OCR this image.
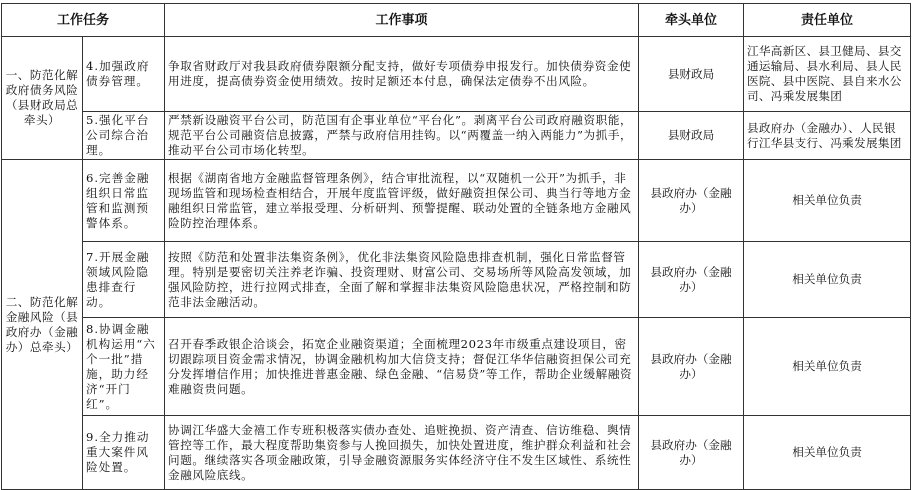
工作任务		工作事项	牵头单位	责任单位
一、防范化解政府债务风险（县财政局总牵头）	4.加强政府债券管理。	争取省财政厅对我县政府债券限额分配支持，做好专项债券申报发行。加快债券资金使用进度，提高债券资金使用绩效。按时足额还本付息，确保法定债券不出风险。	县财政局	江华高新区、县卫健局、县交通运输局、县水利局、县人民医院、县中医院、县自来水公司、冯乘发展集团
	5.强化平台公司综合治理。	严禁新设融资平台公司，防范国有企事业单位“平台化”。剥离平台公司政府融资职能，规范平台公司融资信息披露，严禁与政府信用挂钩。以“两覆盖一纳入两能力”为抓手，推动平台公司市场化转型。	县财政局	县政府办（金融办）、人民银行江华县支行、冯乘发展集团
二、防范化解金融风险（县政府办（金融办）总牵头）	6.完善金融组织日常监管和监测预警体系。	根据《湖南省地方金融监督管理条例》，结合审批流程，以“双随机一公开”为抓手，非现场监管和现场检查相结合，开展年度监管评级，做好融资担保公司、典当行等地方金融组织日常监管，建立举报受理、分析研判、预警提醒、联动处置的全链条地方金融风险防控治理体系。	县政府办（金融办）	相关单位负责
	7.开展金融领域风险隐患排查行动。	按照《防范和处置非法集资条例》，优化非法集资风险隐患排查机制，强化日常监督管理。特别是要密切关注养老诈骗、投资理财、财富公司、交易场所等风险高发领域，加强风险防控，进行拉网式排查，全面了解和掌握非法集资风险隐患状况，严格控制和防范非法金融活动。	县政府办（金融办）	相关单位负责
	8.协调金融机构运用“六个一批”措施，助力经济“开门红”。	召开春季政银企洽谈会，拓宽企业融资渠道；全面梳理2023年市级重点建设项目，密切跟踪项目资金需求情况，协调金融机构加大信贷支持；督促江华华信融资担保公司充分发挥增信作用；加快推进普惠金融、绿色金融、“信易贷”等工作，帮助企业缓解融资难融资贵问题。	县政府办（金融办）	相关单位负责
	9.全力推动重大案件风险处置。	协调江华盛大金禧工作专班积极落实债办查处、追赃挽损、资产清查、信访维稳、舆情管控等工作，最大程度帮助集资参与人挽回损失，加快处置进度，维护群众利益和社会问题。继续落实各项金融政策，引导金融资源服务实体经济守住不发生区域性、系统性金融风险底线。	县政府办（金融办）	相关单位负责
